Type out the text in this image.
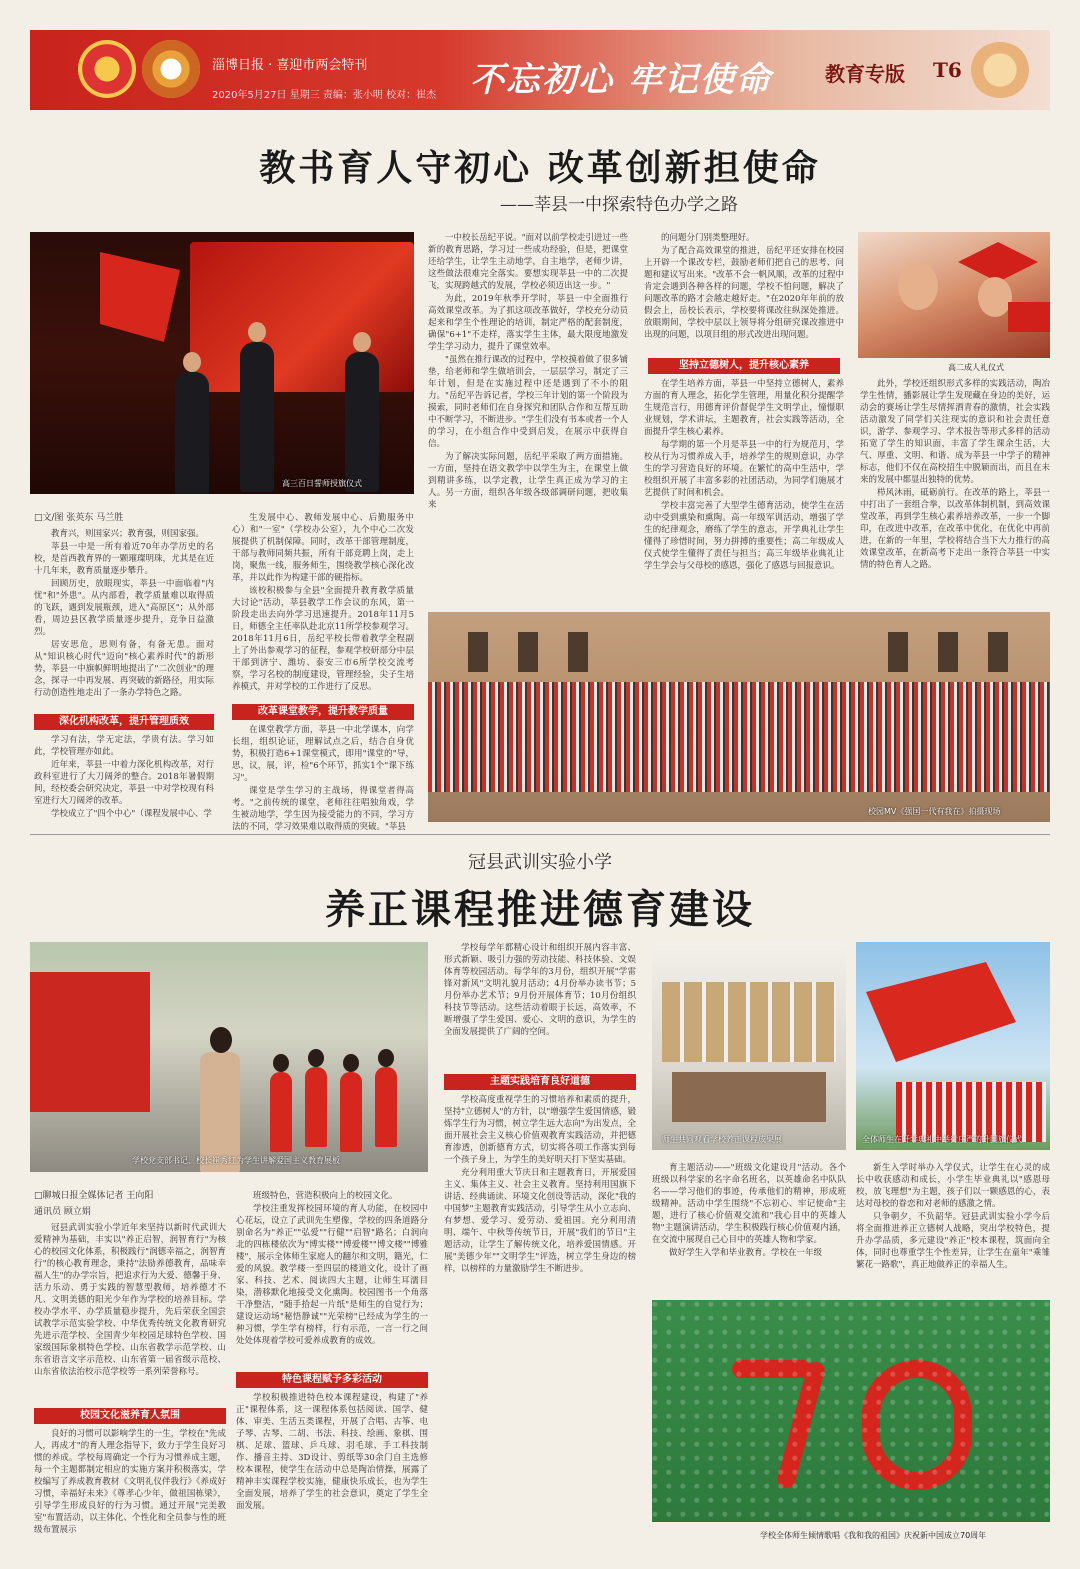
淄博日报 · 喜迎市两会特刊
2020年5月27日 星期三 责编：张小明 校对：崔杰 不忘初心 牢记使命	教育专版 T6
教书育人守初心 改革创新担使命
——莘县一中探索特色办学之路
高三百日誓师授旗仪式
□文/图 张英东 马兰胜

教育兴，则国家兴；教育强，则国家强。

莘县一中是一所有着近70年办学历史的名校，是首西教育界的一颗璀璨明珠，尤其是在近十几年来，教育质量逐步攀升。

回顾历史，放眼现实，莘县一中面临着"内忧"和"外患"。从内部看，教学质量难以取得质的飞跃，遇到发展瓶颈，进入"高原区"；从外部看，周边县区教学质量逐步提升，竞争日益激烈。

居安思危，思则有备，有备无患。面对从"知识核心时代"迈向"核心素养时代"的新形势，莘县一中旗帜鲜明地提出了"二次创业"的理念，探寻一中再发展、再突破的新路径，用实际行动创造性地走出了一条办学特色之路。

深化机构改革，提升管理质效

学习有法，学无定法，学贵有法。学习如此，学校管理亦如此。

近年来，莘县一中着力深化机构改革，对行政科室进行了大刀阔斧的整合。2018年暑假期间，经校委会研究决定，莘县一中对学校现有科室进行大刀阔斧的改革。

学校成立了"四个中心"（课程发展中心、学

生发展中心、教师发展中心、后勤服务中心）和"一室"（学校办公室），九个中心二次发展提供了机制保障。同时，改革干部管理制度，干部与教师同频共振，所有干部竞聘上岗，走上岗，聚焦一线，服务师生，围绕教学核心深化改革，并以此作为构建干部的硬指标。

该校积极参与全县"全面提升教育教学质量大讨论"活动，莘县教学工作会议的东风，第一阶段走出去向外学习迅速提升。2018年11月5日，师德全主任率队赴北京11所学校参观学习。2018年11月6日，岳纪平校长带着教学全程副上了外出参观学习的征程，参观学校研部分中层干部到济宁、潍坊、泰安三市6所学校交流考察，学习名校的制度建设，管理经验，尖子生培养模式，并对学校的工作进行了反思。

改革课堂教学，提升教学质量

在课堂教学方面，莘县一中北学课本，向学长组，组织论证，理解试点之后，结合自身优势，积极打造6+1课堂模式，即用"课堂的"导，思，议，展，评，检"6个环节，抓实1个"课下练习"。

课堂是学生学习的主战场，得课堂者得高考。"之前传统的课堂，老师往往唱独角戏，学生被动地学，学生因为接受能力的不同，学习方法的不同，学习效果难以取得质的突破。"莘县

一中校长岳纪平说。"面对以前学校走引进过一些新的教育思路，学习过一些成功经验，但是，把课堂还给学生，让学生主动地学，自主地学，老师少讲，这些做法很难完全落实。要想实现莘县一中的二次提飞，实现跨越式的发展，学校必须迈出这一步。"

为此，2019年秋季开学时，莘县一中全面推行高效课堂改革。为了抓这项改革做好，学校充分动员起来和学生个性理论的培训，制定严格的配套制度，确保"6+1"不走样，落实学生主体，最大限度地激发学生学习动力，提升了课堂效率。

"虽然在推行课改的过程中，学校摸着做了很多铺垫，给老师和学生做培训会，一层层学习，制定了三年计划，但是在实施过程中还是遇到了不小的阻力。"岳纪平告诉记者，学校三年计划的第一个阶段为摸索，同时老师们在自身探究和团队合作和互帮互助中不断学习，不断进步。"学生们没有书本或者一个人的学习，在小组合作中受到启发，在展示中获得自信。

为了解决实际问题，岳纪平采取了两方面措施。一方面，坚持在语文教学中以学生为主，在课堂上做到精讲多练，以学定教，让学生真正成为学习的主人。另一方面，组织各年级各级部调研问题，把收集来

的问题分门别类整理好。

为了配合高效课堂的推进，岳纪平还安排在校园上开辟一个课改专栏，鼓励老师们把自己的思考、问题和建议写出来。"改革不会一帆风顺，改革的过程中肯定会遇到各种各样的问题，学校不怕问题，解决了问题改革的路才会越走越好走。"在2020年年前的放假会上，岳校长表示，学校要将课改往纵深处推进。放眼期间，学校中层以上领导将分组研究课改推进中出现的问题，以项目组的形式改进出现问题。

坚持立德树人，提升核心素养

在学生培养方面，莘县一中坚持立德树人，素养方面的育人理念，拓化学生管理，用量化积分提醒学生规范言行，用德育评价督促学生文明学止，憧憬职业规划，学术讲坛，主题教育，社会实践等活动，全面提升学生核心素养。

每学期的第一个月是莘县一中的行为规范月，学校从行为习惯养成入手，培养学生的规则意识，办学生的学习营造良好的环境。在繁忙的高中生活中，学校组织开展了丰富多彩的社团活动，为同学们施展才艺提供了时间和机会。

学校丰富完善了大型学生德育活动，使学生在活动中受到熏染和熏陶。高一年级军训活动，增强了学生的纪律观念，磨练了学生的意志，开学典礼让学生懂得了珍惜时间，努力拼搏的重要性；高二年级成人仪式使学生懂得了责任与担当；高三年级毕业典礼让学生学会与父母校的感恩，强化了感恩与回报意识。

高二成人礼仪式

此外，学校还组织形式多样的实践活动，陶冶学生性情，播影展让学生发现藏在身边的美好，运动会的赛场让学生尽情挥洒青春的激情，社会实践活动激发了同学们关注现实的意识和社会责任意识，游学、参观学习、学术报告等形式多样的活动拓宽了学生的知识面，丰富了学生课余生活，大气、厚重、文明、和谐、成为莘县一中学子的精神标志，他们不仅在高校招生中脱颖而出，而且在未来的发展中都显出独特的优势。

栉风沐雨，砥砺前行。在改革的路上，莘县一中打出了一套组合拳，以改革体制机制，到高效课堂改革，再到学生核心素养培养改革，一步一个脚印，在改进中改革，在改革中优化，在优化中再前进，在新的一年里，学校将结合当下大力推行的高效课堂改革，在新高考下走出一条符合莘县一中实情的特色育人之路。

校园MV《强国一代有我在》拍摄现场
冠县武训实验小学
养正课程推进德育建设
学校党支部书记、校长崔秀红为学生讲解爱国主义教育展板
□聊城日报全媒体记者 王向阳
通讯员 顾立娟

冠县武训实验小学近年来坚持以新时代武训大爱精神为基础，丰实以"养正启智，润智育行"为核心的校园文化体系，积极践行"润德幸福之，润智育行"的核心教育理念，秉持"法励养德教育，品味幸福人生"的办学宗旨，把追求行为大爱、德馨于身、活力乐动、勇于实践的智慧型教师，培养德才不凡、文明美德的阳光少年作为学校的培养目标。学校办学水平、办学质量稳步提升，先后荣获全国尝试教学示范实验学校、中华优秀传统文化教育研究先进示范学校、全国青少年校园足球特色学校、国家级国际象棋特色学校、山东省教学示范学校、山东省语言文字示范校、山东省第一届省级示范校、山东省依法治校示范学校等一系列荣誉称号。

校园文化滋养育人氛围

良好的习惯可以影响学生的一生，学校在"先成人，再成才"的育人理念指导下，致力于学生良好习惯的养成。学校每周确定一个行为习惯养成主题，每一个主题都制定相应的实施方案并积极落实，学校编写了养成教育教材《文明礼仪伴我行》《养成好习惯，幸福好未来》《尊孝心少年，做祖国栋梁》，引导学生形成良好的行为习惯。通过开展"完美教室"布置活动，以主体化、个性化和全员参与性的班级布置展示

班级特色，营造积极向上的校园文化。

学校注重发挥校园环境的育人功能，在校园中心花坛，设立了武训先生塑像，学校的四条道路分别命名为"养正""弘爱""行健""启智"路名；白润向北的四栋楼依次为"博实楼""博爱楼""博文楼""博雅楼"，展示全体师生家庭人的翻尔和文明，籍光，仁爱的风貌。教学楼一至四层的楼道文化，设计了画家、科技、艺术、阅读四大主题，让师生耳濡目染，潜移默化地接受文化熏陶。校园图书一个角落干净整洁，"随手拾起一片纸"是师生的自觉行为；建设运动场"秘悟静诚""光荣榜"已经成为学生的一种习惯，学生学有榜样，行有示范，一言一行之间处处体现着学校可爱养成教育的成效。

特色课程赋予多彩活动

学校积极推进特色校本课程建设，构建了"养正"课程体系，这一课程体系包括阅读、国学、健体、审美、生活五类课程，开展了合唱、古筝、电子琴、古琴、二胡、书法、科技、绘画、象棋、围棋、足球、篮球、乒乓球、羽毛球、手工科技制作、播音主持、3D设计、剪纸等30余门自主选修校本课程，使学生在活动中总是陶冶情操，展露了精神丰实课程学校实施，健康快乐成长，也为学生全面发展，培养了学生的社会意识，奠定了学生全面发展。

学校每学年都精心设计和组织开展内容丰富、形式新颖、吸引力强的劳动技能、科技体验、文娱体育等校园活动。每学年的3月份，组织开展"学雷锋对新风"文明礼貌月活动；4月份举办读书节；5月份举办艺术节；9月份开展体育节；10月份组织科技节等活动。这些活动着眼于长远，高效率，不断增强了学生爱国、爱心、文明的意识，为学生的全面发展提供了广阔的空间。

主题实践培育良好道德

学校高度重视学生的习惯培养和素质的提升，坚持"立德树人"的方针，以"增强学生爱国情感，锻炼学生行为习惯，树立学生远大志向"为出发点，全面开展社会主义核心价值观教育实践活动，并把德育渗透，创新德育方式，切实将各项工作落实到每一个孩子身上，为学生的美好明天打下坚实基础。

充分利用重大节庆日和主题教育日，开展爱国主义、集体主义、社会主义教育。坚持利用国旗下讲话、经典诵读、环境文化创设等活动，深化"我的中国梦"主题教育实践活动，引导学生从小立志向、有梦想、爱学习、爱劳动、爱祖国。充分利用清明、端午、中秋等传统节日，开展"我们的节日"主题活动，让学生了解传统文化，培养爱国情感。开展"美德少年""文明学生"评选，树立学生身边的榜样，以榜样的力量激励学生不断进步。

师生共同观看学校养正课程成果展	全体师生在开学典礼中举行庄严的升国旗仪式

育主题活动——"班级文化建设月"活动。各个班级以科学家的名字命名班名，以英雄命名中队队名——学习他们的事迹，传承他们的精神，形成班级精神。活动中学生围绕"不忘初心、牢记使命"主题，进行了核心价值观交流和"我心目中的英雄人物"主题演讲活动，学生积极践行核心价值观内涵，在交流中展现自己心目中的英雄人物和学家。

做好学生入学和毕业教育。学校在一年级

新生入学时举办入学仪式，让学生在心灵的成长中收获感动和成长，小学生毕业典礼以"感恩母校，放飞理想"为主题，孩子们以一颗感恩的心，表达对母校的眷恋和对老师的感激之情。

只争朝夕，不负韶华。冠县武训实验小学今后将全面推进养正立德树人战略，突出学校特色，提升办学品质，多元建设"养正"校本课程，筑面向全体，同时也尊重学生个性差异，让学生在童年"乘雏繁花一路歌"，真正地做养正的幸福人生。

学校全体师生倾情歌唱《我和我的祖国》庆祝新中国成立70周年
